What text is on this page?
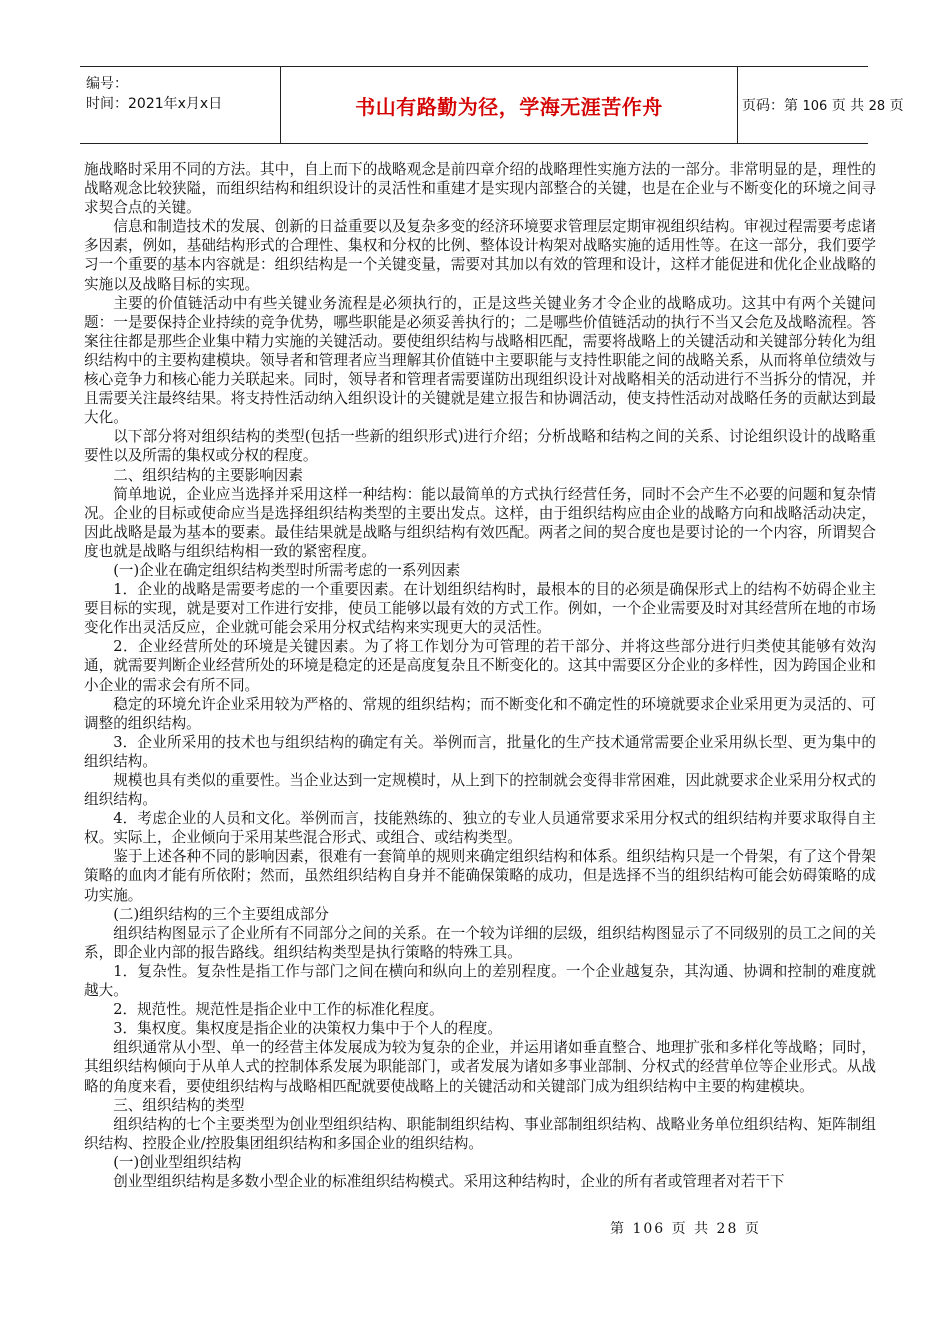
编号：
时间：2021年x月x日	书山有路勤为径，学海无涯苦作舟	页码：第 106 页 共 28 页

施战略时采用不同的方法。其中，自上而下的战略观念是前四章介绍的战略理性实施方法的一部分。非常明显的是，理性的战略观念比较狭隘，而组织结构和组织设计的灵活性和重建才是实现内部整合的关键，也是在企业与不断变化的环境之间寻求契合点的关键。

信息和制造技术的发展、创新的日益重要以及复杂多变的经济环境要求管理层定期审视组织结构。审视过程需要考虑诸多因素，例如，基础结构形式的合理性、集权和分权的比例、整体设计构架对战略实施的适用性等。在这一部分，我们要学习一个重要的基本内容就是：组织结构是一个关键变量，需要对其加以有效的管理和设计，这样才能促进和优化企业战略的实施以及战略目标的实现。

主要的价值链活动中有些关键业务流程是必须执行的，正是这些关键业务才令企业的战略成功。这其中有两个关键问题：一是要保持企业持续的竞争优势，哪些职能是必须妥善执行的；二是哪些价值链活动的执行不当又会危及战略流程。答案往往都是那些企业集中精力实施的关键活动。要使组织结构与战略相匹配，需要将战略上的关键活动和关键部分转化为组织结构中的主要构建模块。领导者和管理者应当理解其价值链中主要职能与支持性职能之间的战略关系，从而将单位绩效与核心竞争力和核心能力关联起来。同时，领导者和管理者需要谨防出现组织设计对战略相关的活动进行不当拆分的情况，并且需要关注最终结果。将支持性活动纳入组织设计的关键就是建立报告和协调活动，使支持性活动对战略任务的贡献达到最大化。

以下部分将对组织结构的类型(包括一些新的组织形式)进行介绍；分析战略和结构之间的关系、讨论组织设计的战略重要性以及所需的集权或分权的程度。

二、组织结构的主要影响因素

简单地说，企业应当选择并采用这样一种结构：能以最简单的方式执行经营任务，同时不会产生不必要的问题和复杂情况。企业的目标或使命应当是选择组织结构类型的主要出发点。这样，由于组织结构应由企业的战略方向和战略活动决定，因此战略是最为基本的要素。最佳结果就是战略与组织结构有效匹配。两者之间的契合度也是要讨论的一个内容，所谓契合度也就是战略与组织结构相一致的紧密程度。

(一)企业在确定组织结构类型时所需考虑的一系列因素

1．企业的战略是需要考虑的一个重要因素。在计划组织结构时，最根本的目的必须是确保形式上的结构不妨碍企业主要目标的实现，就是要对工作进行安排，使员工能够以最有效的方式工作。例如，一个企业需要及时对其经营所在地的市场变化作出灵活反应，企业就可能会采用分权式结构来实现更大的灵活性。

2．企业经营所处的环境是关键因素。为了将工作划分为可管理的若干部分、并将这些部分进行归类使其能够有效沟通，就需要判断企业经营所处的环境是稳定的还是高度复杂且不断变化的。这其中需要区分企业的多样性，因为跨国企业和小企业的需求会有所不同。

稳定的环境允许企业采用较为严格的、常规的组织结构；而不断变化和不确定性的环境就要求企业采用更为灵活的、可调整的组织结构。

3．企业所采用的技术也与组织结构的确定有关。举例而言，批量化的生产技术通常需要企业采用纵长型、更为集中的组织结构。

规模也具有类似的重要性。当企业达到一定规模时，从上到下的控制就会变得非常困难，因此就要求企业采用分权式的组织结构。

4．考虑企业的人员和文化。举例而言，技能熟练的、独立的专业人员通常要求采用分权式的组织结构并要求取得自主权。实际上，企业倾向于采用某些混合形式、或组合、或结构类型。

鉴于上述各种不同的影响因素，很难有一套简单的规则来确定组织结构和体系。组织结构只是一个骨架，有了这个骨架策略的血肉才能有所依附；然而，虽然组织结构自身并不能确保策略的成功，但是选择不当的组织结构可能会妨碍策略的成功实施。

(二)组织结构的三个主要组成部分

组织结构图显示了企业所有不同部分之间的关系。在一个较为详细的层级，组织结构图显示了不同级别的员工之间的关系，即企业内部的报告路线。组织结构类型是执行策略的特殊工具。

1．复杂性。复杂性是指工作与部门之间在横向和纵向上的差别程度。一个企业越复杂，其沟通、协调和控制的难度就越大。

2．规范性。规范性是指企业中工作的标准化程度。

3．集权度。集权度是指企业的决策权力集中于个人的程度。

组织通常从小型、单一的经营主体发展成为较为复杂的企业，并运用诸如垂直整合、地理扩张和多样化等战略；同时，其组织结构倾向于从单人式的控制体系发展为职能部门，或者发展为诸如多事业部制、分权式的经营单位等企业形式。从战略的角度来看，要使组织结构与战略相匹配就要使战略上的关键活动和关键部门成为组织结构中主要的构建模块。

三、组织结构的类型

组织结构的七个主要类型为创业型组织结构、职能制组织结构、事业部制组织结构、战略业务单位组织结构、矩阵制组织结构、控股企业/控股集团组织结构和多国企业的组织结构。

(一)创业型组织结构

创业型组织结构是多数小型企业的标准组织结构模式。采用这种结构时，企业的所有者或管理者对若干下

第 106 页 共 28 页
